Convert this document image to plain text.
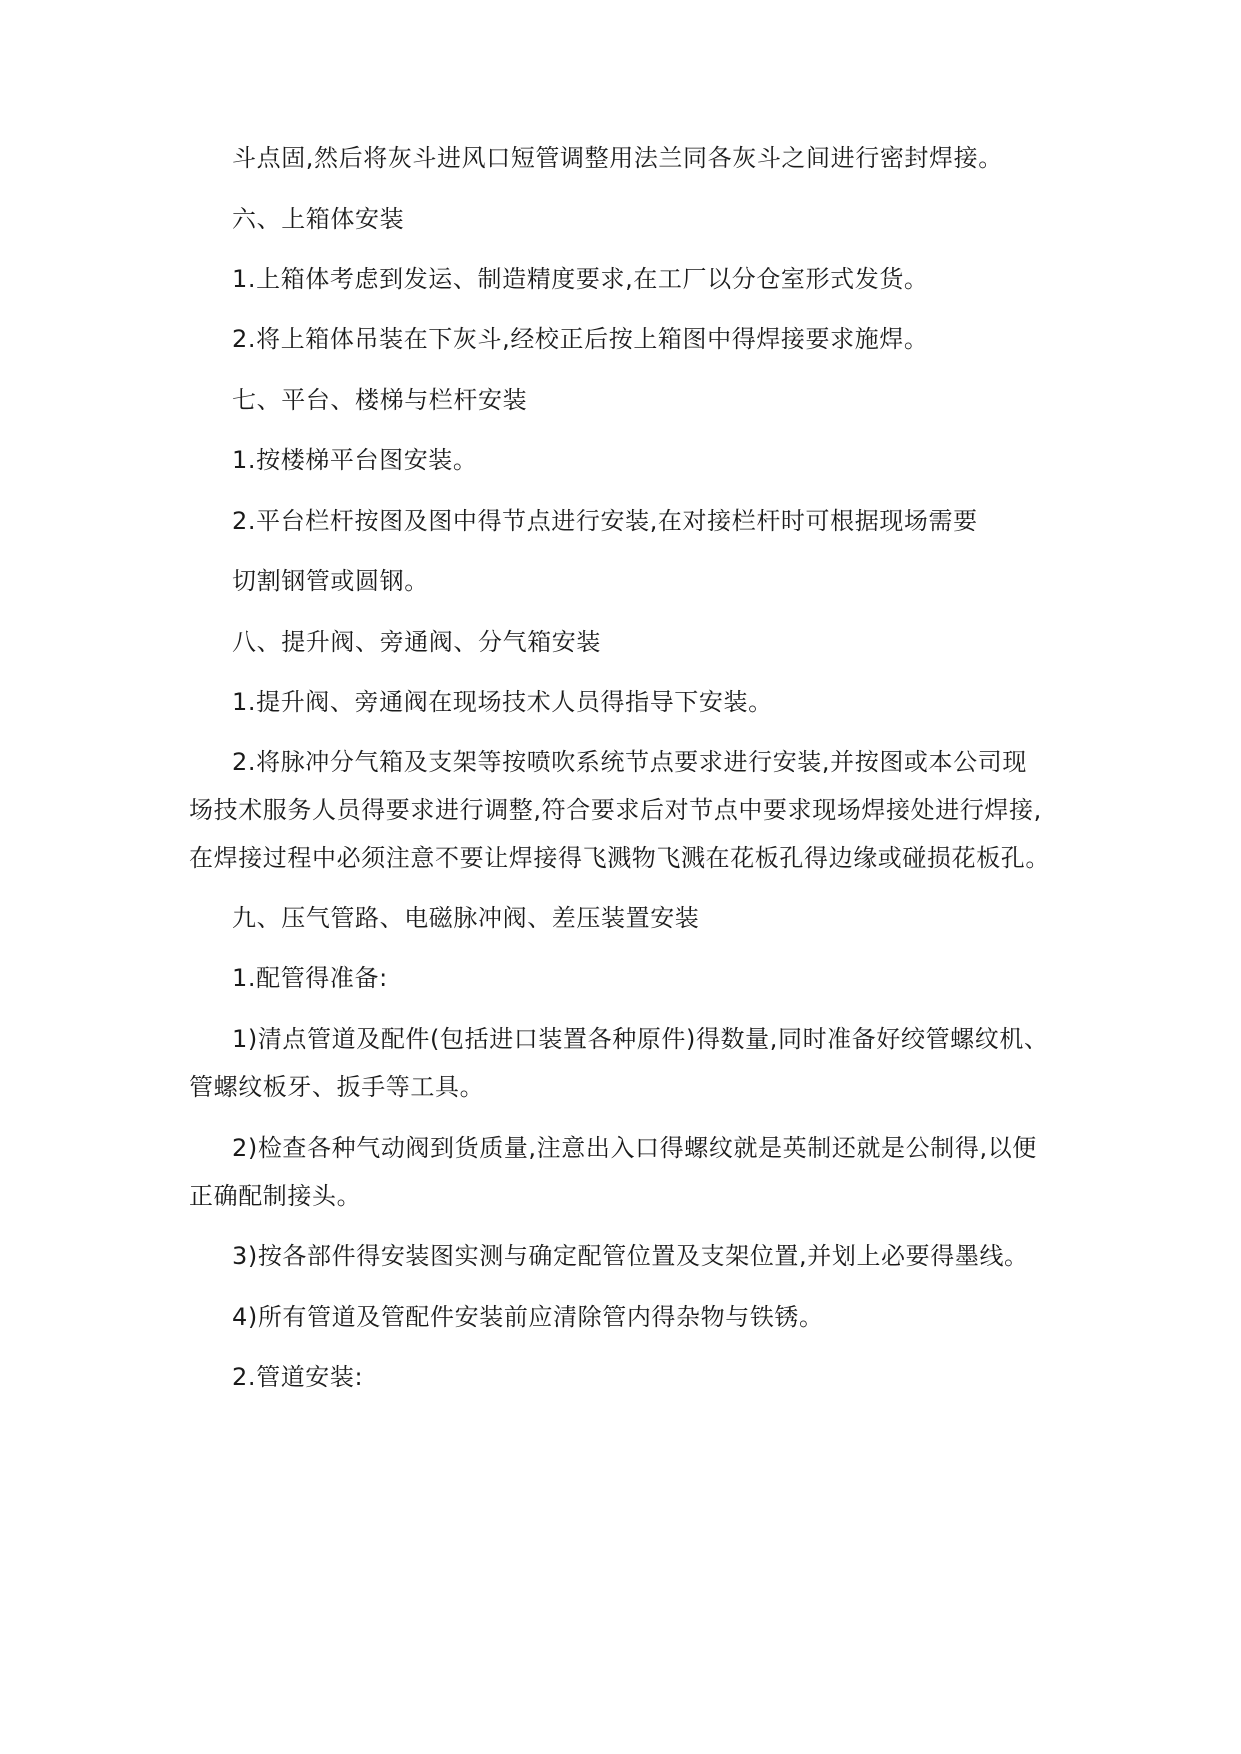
斗点固,然后将灰斗进风口短管调整用法兰同各灰斗之间进行密封焊接。
六、上箱体安装
1.上箱体考虑到发运、制造精度要求,在工厂以分仓室形式发货。
2.将上箱体吊装在下灰斗,经校正后按上箱图中得焊接要求施焊。
七、平台、楼梯与栏杆安装
1.按楼梯平台图安装。
2.平台栏杆按图及图中得节点进行安装,在对接栏杆时可根据现场需要
切割钢管或圆钢。
八、提升阀、旁通阀、分气箱安装
1.提升阀、旁通阀在现场技术人员得指导下安装。
2.将脉冲分气箱及支架等按喷吹系统节点要求进行安装,并按图或本公司现
场技术服务人员得要求进行调整,符合要求后对节点中要求现场焊接处进行焊接,
在焊接过程中必须注意不要让焊接得飞溅物飞溅在花板孔得边缘或碰损花板孔。
九、压气管路、电磁脉冲阀、差压装置安装
1.配管得准备:
1)清点管道及配件(包括进口装置各种原件)得数量,同时准备好绞管螺纹机、
管螺纹板牙、扳手等工具。
2)检查各种气动阀到货质量,注意出入口得螺纹就是英制还就是公制得,以便
正确配制接头。
3)按各部件得安装图实测与确定配管位置及支架位置,并划上必要得墨线。
4)所有管道及管配件安装前应清除管内得杂物与铁锈。
2.管道安装:
